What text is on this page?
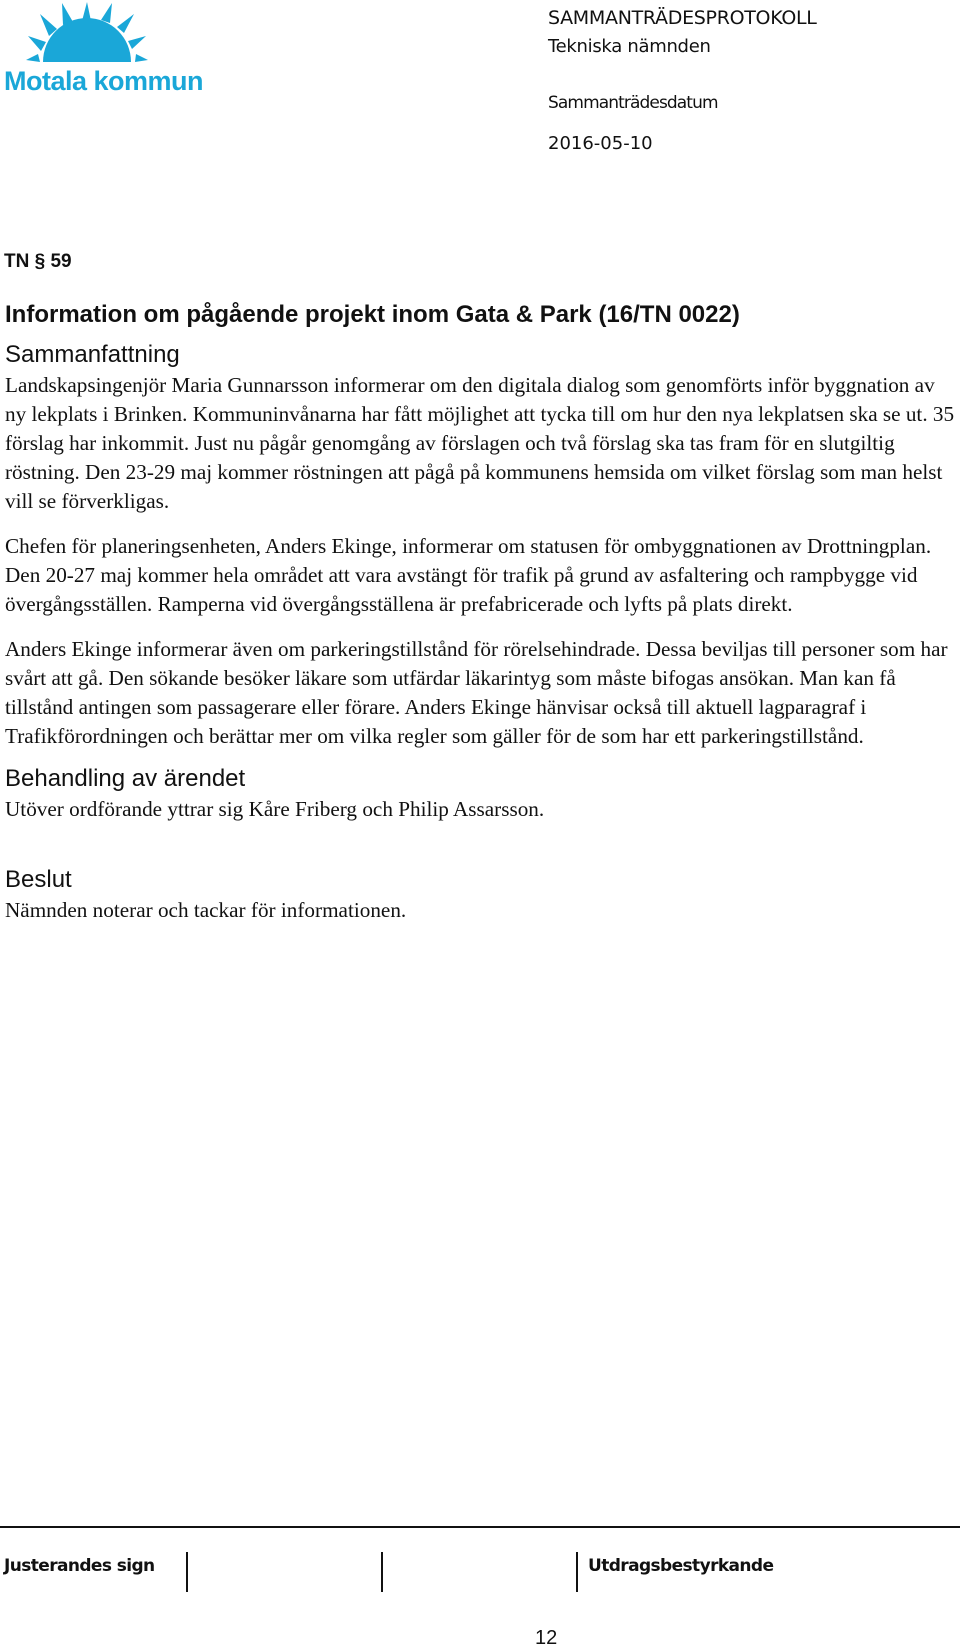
Motala kommun
SAMMANTRÄDESPROTOKOLL
Tekniska nämnden
Sammanträdesdatum
2016-05-10
TN § 59
Information om pågående projekt inom Gata & Park (16/TN 0022)
Sammanfattning

Landskapsingenjör Maria Gunnarsson informerar om den digitala dialog som genomförts inför byggnation av ny lekplats i Brinken. Kommuninvånarna har fått möjlighet att tycka till om hur den nya lekplatsen ska se ut. 35 förslag har inkommit. Just nu pågår genomgång av förslagen och två förslag ska tas fram för en slutgiltig röstning. Den 23-29 maj kommer röstningen att pågå på kommunens hemsida om vilket förslag som man helst vill se förverkligas.

Chefen för planeringsenheten, Anders Ekinge, informerar om statusen för ombyggnationen av Drottningplan. Den 20-27 maj kommer hela området att vara avstängt för trafik på grund av asfaltering och rampbygge vid övergångsställen. Ramperna vid övergångsställena är prefabricerade och lyfts på plats direkt.

Anders Ekinge informerar även om parkeringstillstånd för rörelsehindrade. Dessa beviljas till personer som har svårt att gå. Den sökande besöker läkare som utfärdar läkarintyg som måste bifogas ansökan. Man kan få tillstånd antingen som passagerare eller förare. Anders Ekinge hänvisar också till aktuell lagparagraf i Trafikförordningen och berättar mer om vilka regler som gäller för de som har ett parkeringstillstånd.

Behandling av ärendet

Utöver ordförande yttrar sig Kåre Friberg och Philip Assarsson.

Beslut

Nämnden noterar och tackar för informationen.

Justerandes sign	Utdragsbestyrkande
12
